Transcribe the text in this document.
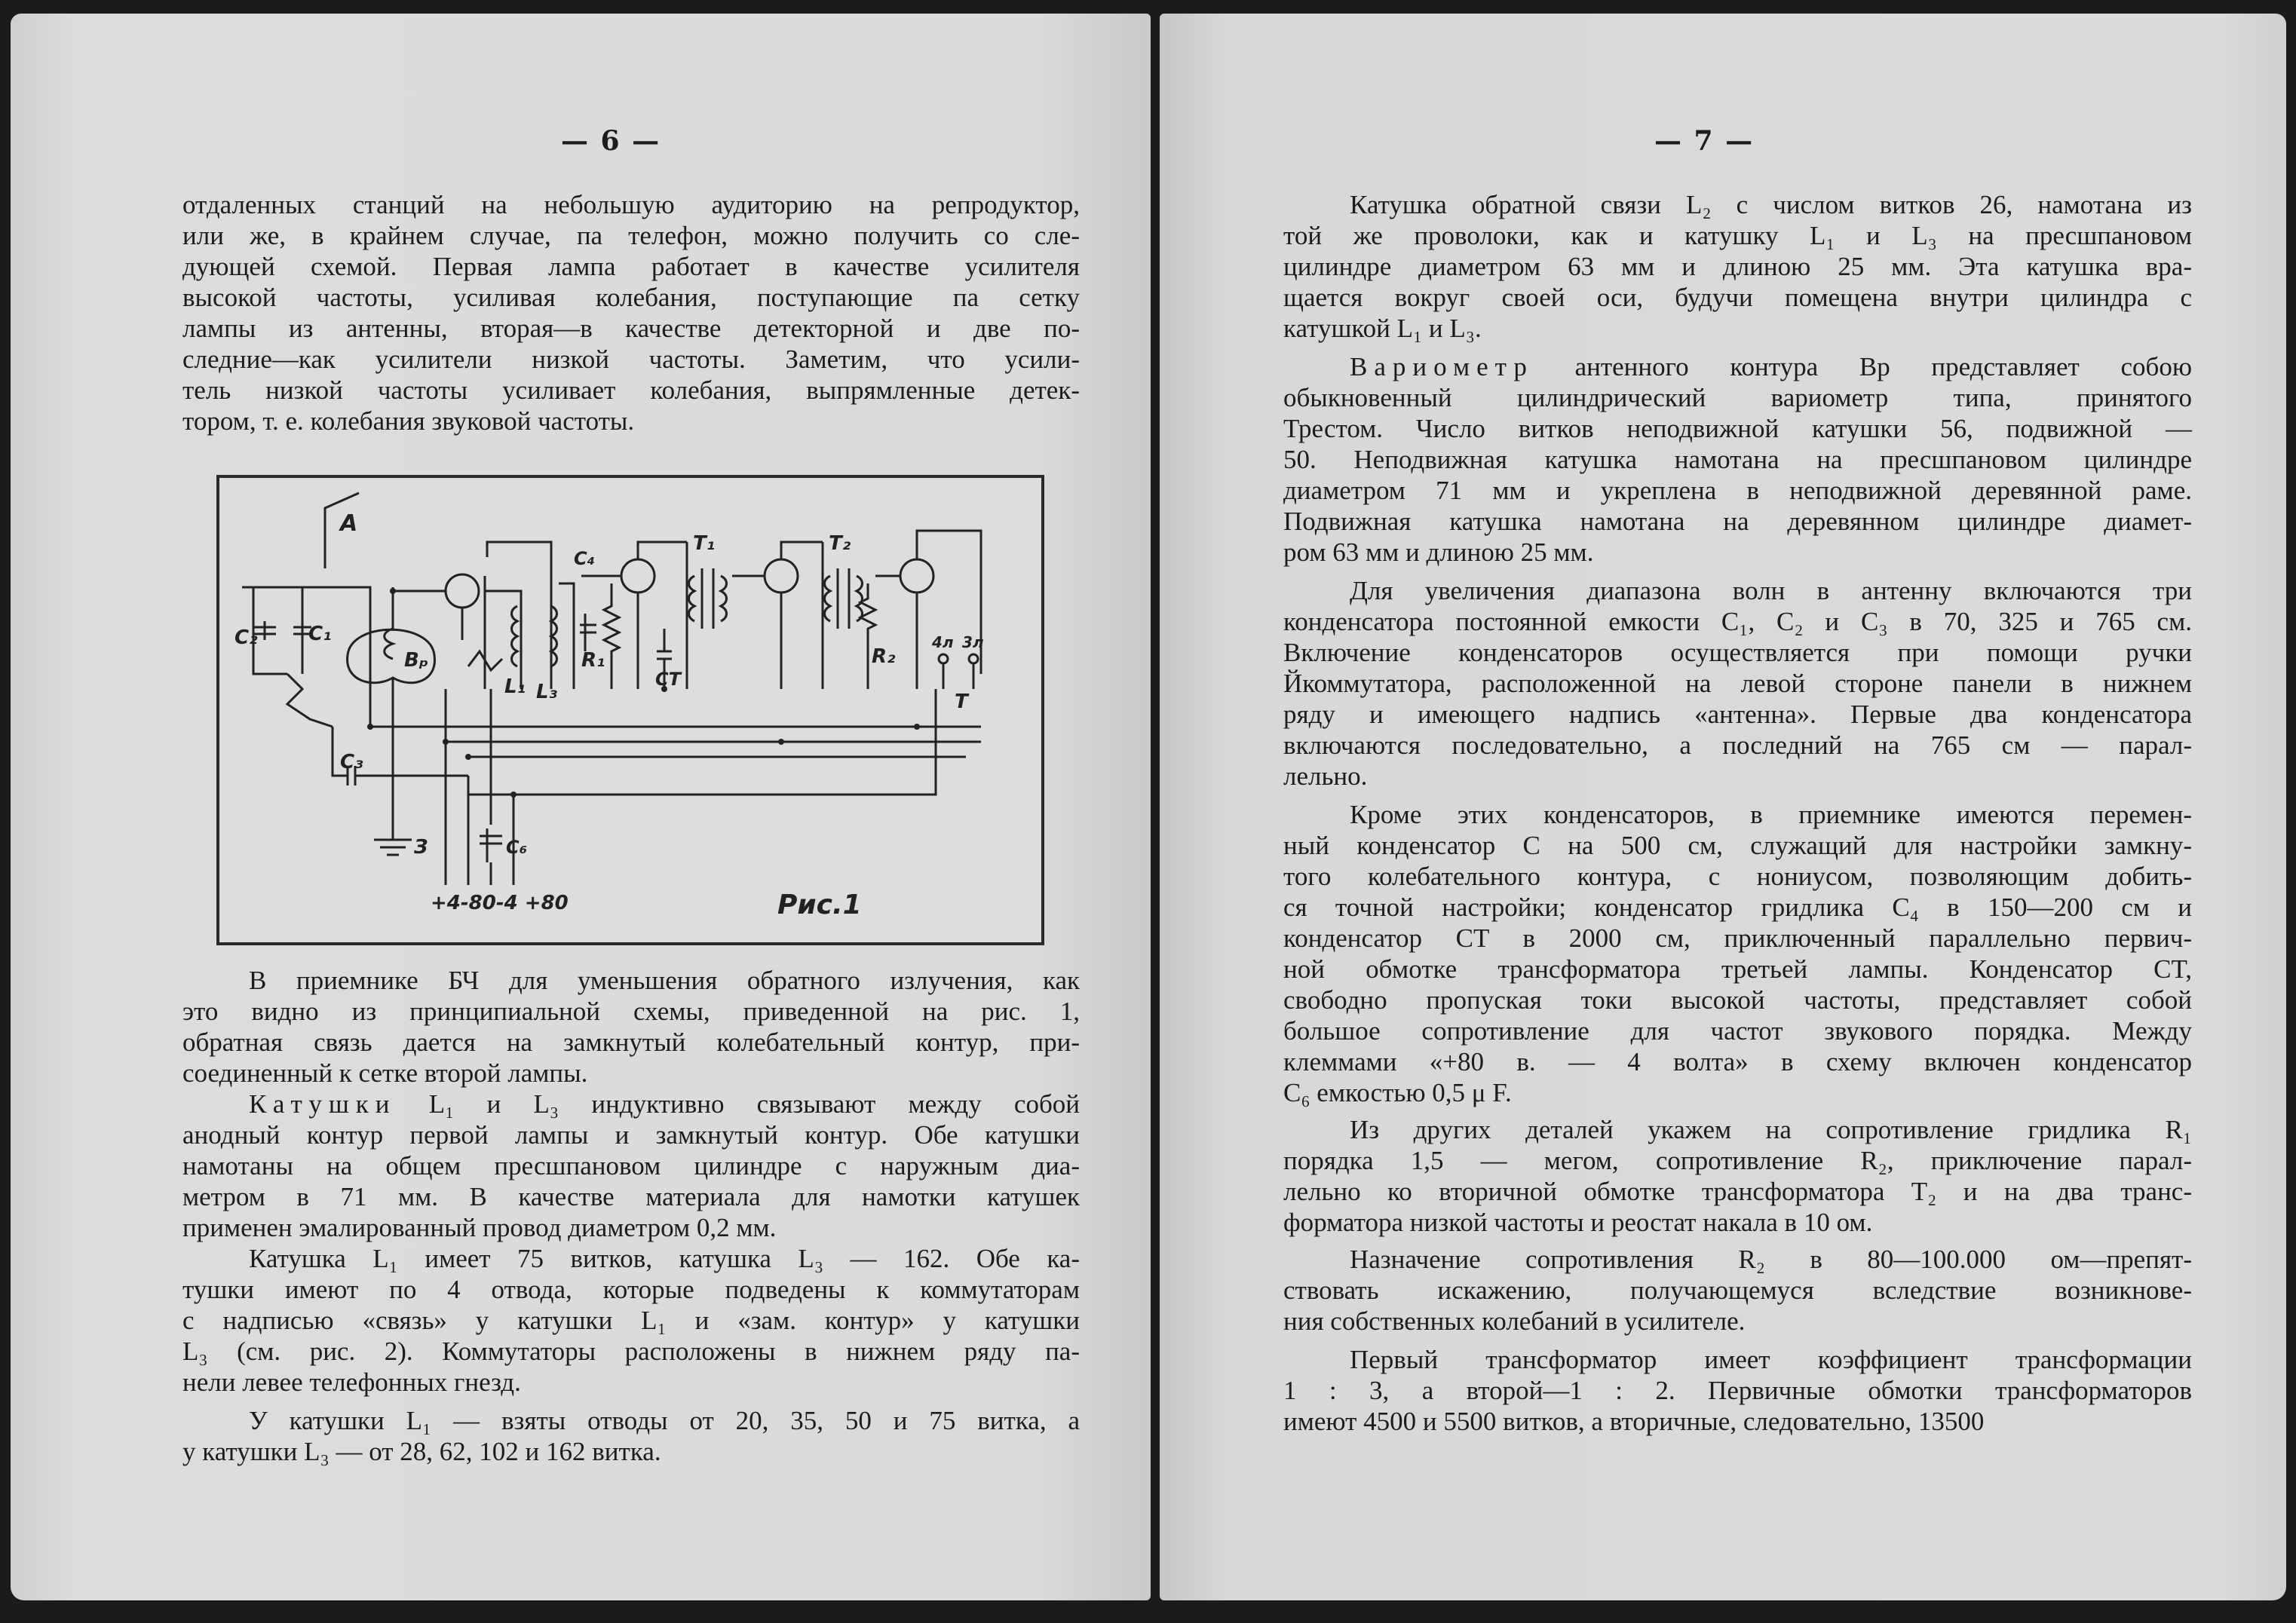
— 6 —

отдаленных станций на небольшую аудиторию на репродуктор,
или же, в крайнем случае, па телефон, можно получить со сле-
дующей схемой. Первая лампа работает в качестве усилителя
высокой частоты, усиливая колебания, поступающие па сетку
лампы из антенны, вторая—в качестве детекторной и две по-
следние—как усилители низкой частоты. Заметим, что усили-
тель низкой частоты усиливает колебания, выпрямленные детек-
тором, т. е. колебания звуковой частоты.

A
C₂	C₁
C₃
Bₚ
L₁ L₃
C₄
R₁
CT
T₁	T₂
R₂
4л 3л
T
З	C₆
+4-80-4 +80	Рис.1

В приемнике БЧ для уменьшения обратного излучения, как
это видно из принципиальной схемы, приведенной на рис. 1,
обратная связь дается на замкнутый колебательный контур, при-
соединенный к сетке второй лампы.

Катушки L₁ и L₃ индуктивно связывают между собой
анодный контур первой лампы и замкнутый контур. Обе катушки
намотаны на общем пресшпановом цилиндре с наружным диа-
метром в 71 мм. В качестве материала для намотки катушек
применен эмалированный провод диаметром 0,2 мм.

Катушка L₁ имеет 75 витков, катушка L₃ — 162. Обе ка-
тушки имеют по 4 отвода, которые подведены к коммутаторам
с надписью «связь» у катушки L₁ и «зам. контур» у катушки
L₃ (см. рис. 2). Коммутаторы расположены в нижнем ряду па-
нели левее телефонных гнезд.

У катушки L₁ — взяты отводы от 20, 35, 50 и 75 витка, а
у катушки L₃ — от 28, 62, 102 и 162 витка.

— 7 —

Катушка обратной связи L₂ с числом витков 26, намотана из
той же проволоки, как и катушку L₁ и L₃ на пресшпановом
цилиндре диаметром 63 мм и длиною 25 мм. Эта катушка вра-
щается вокруг своей оси, будучи помещена внутри цилиндра с
катушкой L₁ и L₃.

Вариометр антенного контура Вр представляет собою
обыкновенный цилиндрический вариометр типа, принятого
Трестом. Число витков неподвижной катушки 56, подвижной —
50. Неподвижная катушка намотана на пресшпановом цилиндре
диаметром 71 мм и укреплена в неподвижной деревянной раме.
Подвижная катушка намотана на деревянном цилиндре диамет-
ром 63 мм и длиною 25 мм.

Для увеличения диапазона волн в антенну включаются три
конденсатора постоянной емкости C₁, C₂ и C₃ в 70, 325 и 765 см.
Включение конденсаторов осуществляется при помощи ручки
Йкоммутатора, расположенной на левой стороне панели в нижнем
ряду и имеющего надпись «антенна». Первые два конденсатора
включаются последовательно, а последний на 765 см — парал-
лельно.

Кроме этих конденсаторов, в приемнике имеются перемен-
ный конденсатор C на 500 см, служащий для настройки замкну-
того колебательного контура, с нониусом, позволяющим добить-
ся точной настройки; конденсатор гридлика C₄ в 150—200 см и
конденсатор CT в 2000 см, приключенный параллельно первич-
ной обмотке трансформатора третьей лампы. Конденсатор CT,
свободно пропуская токи высокой частоты, представляет собой
большое сопротивление для частот звукового порядка. Между
клеммами «+80 в. — 4 волта» в схему включен конденсатор
C₆ емкостью 0,5 μ F.

Из других деталей укажем на сопротивление гридлика R₁
порядка 1,5 — мегом, сопротивление R₂, приключение парал-
лельно ко вторичной обмотке трансформатора T₂ и на два транс-
форматора низкой частоты и реостат накала в 10 ом.

Назначение сопротивления R₂ в 80—100.000 ом—препят-
ствовать искажению, получающемуся вследствие возникнове-
ния собственных колебаний в усилителе.

Первый трансформатор имеет коэффициент трансформации
1 : 3, а второй—1 : 2. Первичные обмотки трансформаторов
имеют 4500 и 5500 витков, а вторичные, следовательно, 13500
